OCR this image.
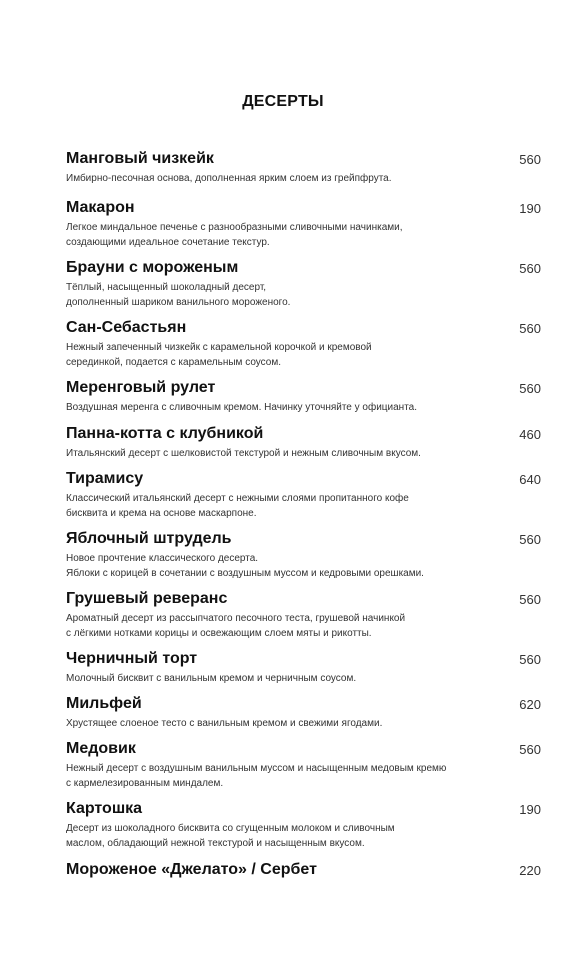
ДЕСЕРТЫ
Манговый чизкейк	560
Имбирно-песочная основа, дополненная ярким слоем из грейпфрута.
Макарон	190
Легкое миндальное печенье с разнообразными сливочными начинками,
создающими идеальное сочетание текстур.
Брауни с мороженым	560
Тёплый, насыщенный шоколадный десерт,
дополненный шариком ванильного мороженого.
Сан-Себастьян	560
Нежный запеченный чизкейк с карамельной корочкой и кремовой
серединкой, подается с карамельным соусом.
Меренговый рулет	560
Воздушная меренга с сливочным кремом. Начинку уточняйте у официанта.
Панна-котта с клубникой	460
Итальянский десерт с шелковистой текстурой и нежным сливочным вкусом.
Тирамису	640
Классический итальянский десерт с нежными слоями пропитанного кофе
бисквита и крема на основе маскарпоне.
Яблочный штрудель	560
Новое прочтение классического десерта.
Яблоки с корицей в сочетании с воздушным муссом и кедровыми орешками.
Грушевый реверанс	560
Ароматный десерт из рассыпчатого песочного теста, грушевой начинкой
с лёгкими нотками корицы и освежающим слоем мяты и рикотты.
Черничный торт	560
Молочный бисквит с ванильным кремом и черничным соусом.
Мильфей	620
Хрустящее слоеное тесто с ванильным кремом и свежими ягодами.
Медовик	560
Нежный десерт с воздушным ванильным муссом и насыщенным медовым кремю
с кармелезированным миндалем.
Картошка	190
Десерт из шоколадного бисквита со сгущенным молоком и сливочным
маслом, обладающий нежной текстурой и насыщенным вкусом.
Мороженое «Джелато» / Сербет	220
